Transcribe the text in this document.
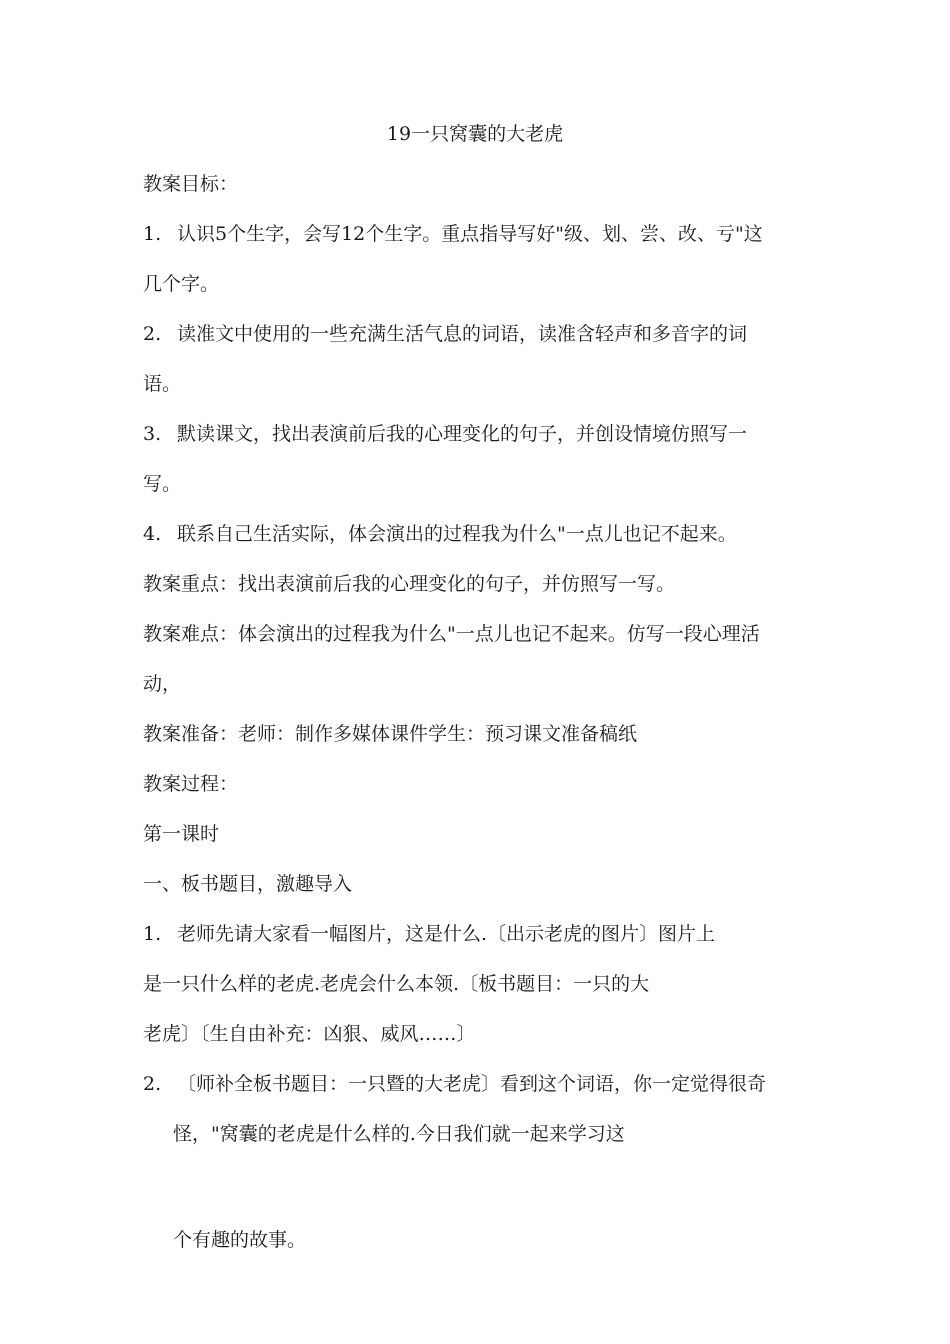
19一只窝囊的大老虎
教案目标：
1. 认识5个生字，会写12个生字。重点指导写好"级、划、尝、改、亏"这
几个字。
2. 读准文中使用的一些充满生活气息的词语，读准含轻声和多音字的词
语。
3. 默读课文，找出表演前后我的心理变化的句子，并创设情境仿照写一
写。
4. 联系自己生活实际，体会演出的过程我为什么"一点儿也记不起来。
教案重点：找出表演前后我的心理变化的句子，并仿照写一写。
教案难点：体会演出的过程我为什么"一点儿也记不起来。仿写一段心理活
动，
教案准备：老师：制作多媒体课件学生：预习课文准备稿纸
教案过程：
第一课时
一、板书题目，激趣导入
1. 老师先请大家看一幅图片，这是什么.〔出示老虎的图片〕图片上
是一只什么样的老虎.老虎会什么本领.〔板书题目：一只的大
老虎〕〔生自由补充：凶狠、威风……〕
2. 〔师补全板书题目：一只暨的大老虎〕看到这个词语，你一定觉得很奇
怪，"窝囊的老虎是什么样的.今日我们就一起来学习这
个有趣的故事。
